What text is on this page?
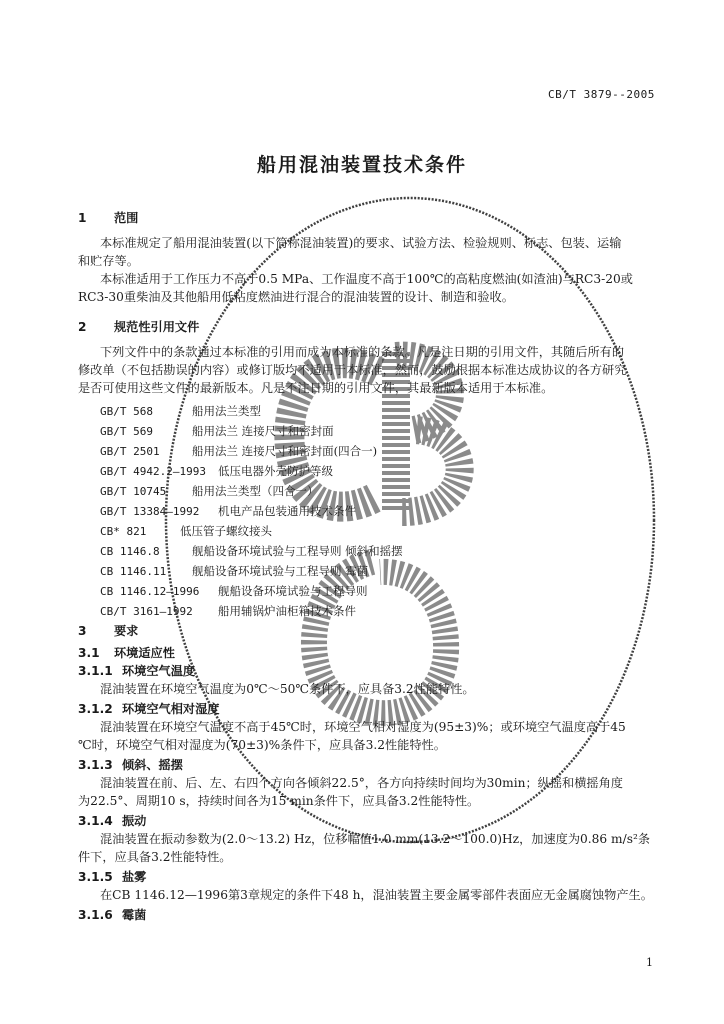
CB/T 3879--2005
船用混油装置技术条件
1 范围
本标准规定了船用混油装置(以下简称混油装置)的要求、试验方法、检验规则、标志、包装、运输
和贮存等。
本标准适用于工作压力不高于0.5 MPa、工作温度不高于100℃的高粘度燃油(如渣油)与RC3-20或
RC3-30重柴油及其他船用低粘度燃油进行混合的混油装置的设计、制造和验收。
2 规范性引用文件
下列文件中的条款通过本标准的引用而成为本标准的条款。凡是注日期的引用文件，其随后所有的
修改单（不包括勘误的内容）或修订版均不适用于本标准，然而，鼓励根据本标准达成协议的各方研究
是否可使用这些文件的最新版本。凡是不注日期的引用文件，其最新版本适用于本标准。
GB/T 568	船用法兰类型
GB/T 569	船用法兰 连接尺寸和密封面
GB/T 2501	船用法兰 连接尺寸和密封面(四合一)
GB/T 4942.2—1993 低压电器外壳防护等级
GB/T 10745 船用法兰类型（四合一）
GB/T 13384—1992 机电产品包装通用技术条件
CB* 821	低压管子螺纹接头
CB 1146.8	舰船设备环境试验与工程导则 倾斜和摇摆
CB 1146.11 舰船设备环境试验与工程导则 霉菌
CB 1146.12—1996 舰船设备环境试验与工程导则
CB/T 3161—1992 船用辅锅炉油柜箱技术条件
3 要求
3.1 环境适应性
3.1.1 环境空气温度
混油装置在环境空气温度为0℃～50℃条件下，应具备3.2性能特性。
3.1.2 环境空气相对湿度
混油装置在环境空气温度不高于45℃时，环境空气相对湿度为(95±3)%；或环境空气温度高于45
℃时，环境空气相对湿度为(70±3)%条件下，应具备3.2性能特性。
3.1.3 倾斜、摇摆
混油装置在前、后、左、右四个方向各倾斜22.5°，各方向持续时间均为30min；纵摇和横摇角度
为22.5°、周期10 s，持续时间各为15 min条件下，应具备3.2性能特性。
3.1.4 振动
混油装置在振动参数为(2.0～13.2) Hz，位移幅值1.0 mm(13.2～100.0)Hz，加速度为0.86 m/s²条
件下，应具备3.2性能特性。
3.1.5 盐雾
在CB 1146.12—1996第3章规定的条件下48 h，混油装置主要金属零部件表面应无金属腐蚀物产生。
3.1.6 霉菌
1
